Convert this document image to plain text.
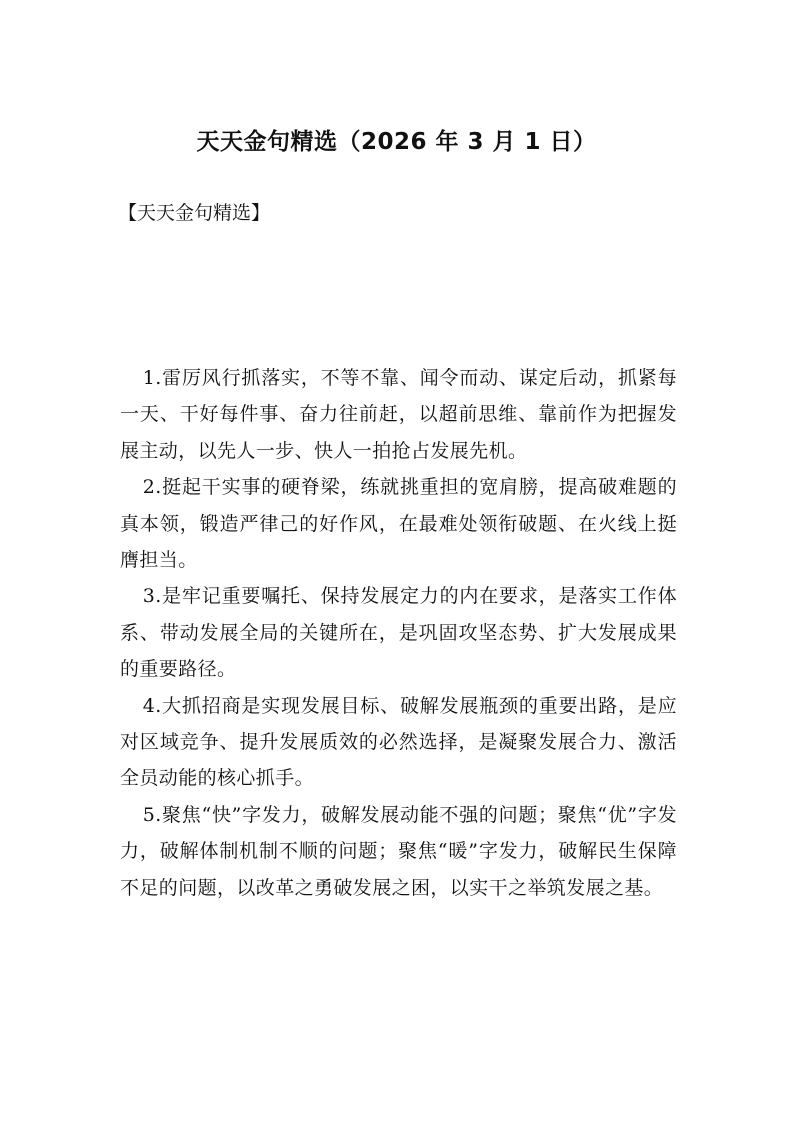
天天金句精选（2026 年 3 月 1 日）

【天天金句精选】

1.雷厉风行抓落实，不等不靠、闻令而动、谋定后动，抓紧每一天、干好每件事、奋力往前赶，以超前思维、靠前作为把握发展主动，以先人一步、快人一拍抢占发展先机。

2.挺起干实事的硬脊梁，练就挑重担的宽肩膀，提高破难题的真本领，锻造严律己的好作风，在最难处领衔破题、在火线上挺膺担当。

3.是牢记重要嘱托、保持发展定力的内在要求，是落实工作体系、带动发展全局的关键所在，是巩固攻坚态势、扩大发展成果的重要路径。

4.大抓招商是实现发展目标、破解发展瓶颈的重要出路，是应对区域竞争、提升发展质效的必然选择，是凝聚发展合力、激活全员动能的核心抓手。

5.聚焦“快”字发力，破解发展动能不强的问题；聚焦“优”字发力，破解体制机制不顺的问题；聚焦“暖”字发力，破解民生保障不足的问题，以改革之勇破发展之困，以实干之举筑发展之基。
